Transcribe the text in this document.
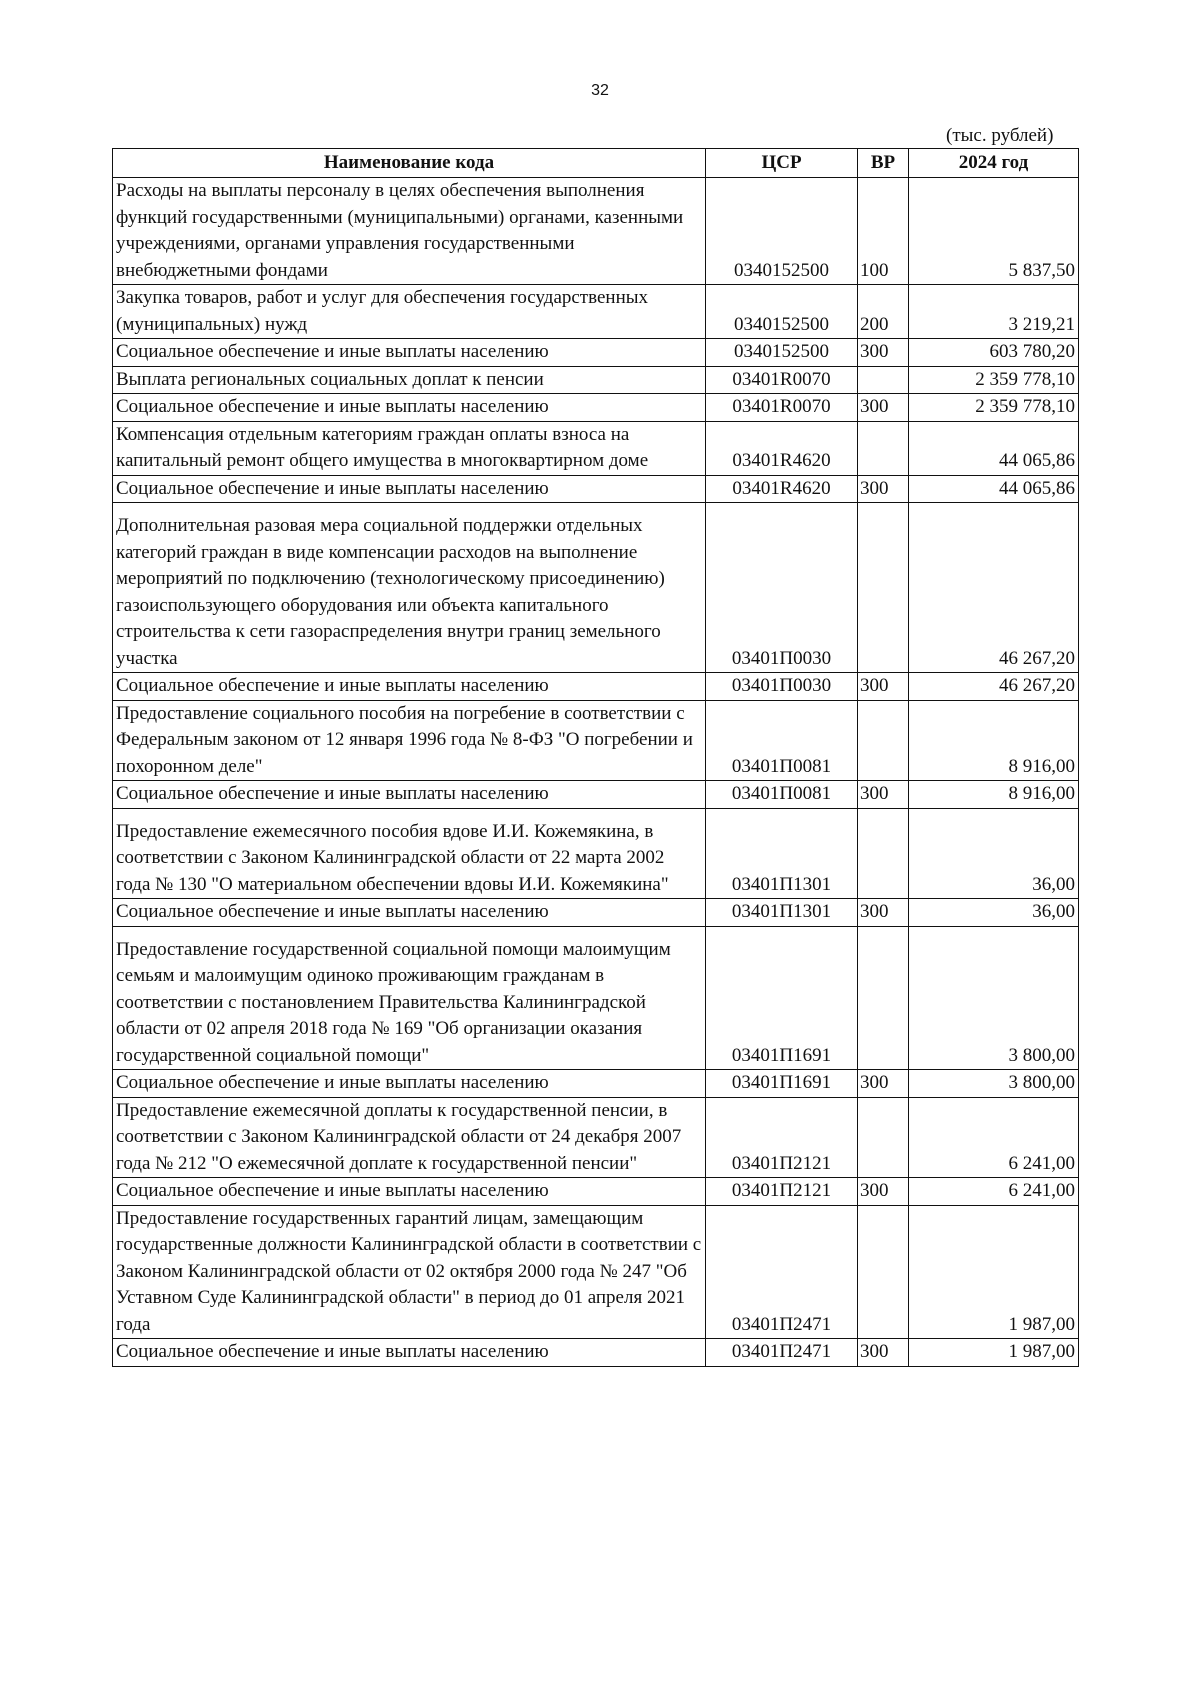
32
(тыс. рублей)
Наименование кода	ЦСР	ВР	2024 год
Расходы на выплаты персоналу в целях обеспечения выполнения функций государственными (муниципальными) органами, казенными учреждениями, органами управления государственными внебюджетными фондами	0340152500	100	5 837,50
Закупка товаров, работ и услуг для обеспечения государственных (муниципальных) нужд	0340152500	200	3 219,21
Социальное обеспечение и иные выплаты населению	0340152500	300	603 780,20
Выплата региональных социальных доплат к пенсии	03401R0070		2 359 778,10
Социальное обеспечение и иные выплаты населению	03401R0070	300	2 359 778,10
Компенсация отдельным категориям граждан оплаты взноса на капитальный ремонт общего имущества в многоквартирном доме	03401R4620		44 065,86
Социальное обеспечение и иные выплаты населению	03401R4620	300	44 065,86
Дополнительная разовая мера социальной поддержки отдельных категорий граждан в виде компенсации расходов на выполнение мероприятий по подключению (технологическому присоединению) газоиспользующего оборудования или объекта капитального строительства к сети газораспределения внутри границ земельного участка	03401П0030		46 267,20
Социальное обеспечение и иные выплаты населению	03401П0030	300	46 267,20
Предоставление социального пособия на погребение в соответствии с Федеральным законом от 12 января 1996 года № 8-ФЗ "О погребении и похоронном деле"	03401П0081		8 916,00
Социальное обеспечение и иные выплаты населению	03401П0081	300	8 916,00
Предоставление ежемесячного пособия вдове И.И. Кожемякина, в соответствии с Законом Калининградской области от 22 марта 2002 года № 130 "О материальном обеспечении вдовы И.И. Кожемякина"	03401П1301		36,00
Социальное обеспечение и иные выплаты населению	03401П1301	300	36,00
Предоставление государственной социальной помощи малоимущим семьям и малоимущим одиноко проживающим гражданам в соответствии с постановлением Правительства Калининградской области от 02 апреля 2018 года № 169 "Об организации оказания государственной социальной помощи"	03401П1691		3 800,00
Социальное обеспечение и иные выплаты населению	03401П1691	300	3 800,00
Предоставление ежемесячной доплаты к государственной пенсии, в соответствии с Законом Калининградской области от 24 декабря 2007 года № 212 "О ежемесячной доплате к государственной пенсии"	03401П2121		6 241,00
Социальное обеспечение и иные выплаты населению	03401П2121	300	6 241,00
Предоставление государственных гарантий лицам, замещающим государственные должности Калининградской области в соответствии с Законом Калининградской области от 02 октября 2000 года № 247 "Об Уставном Суде Калининградской области" в период до 01 апреля 2021 года	03401П2471		1 987,00
Социальное обеспечение и иные выплаты населению	03401П2471	300	1 987,00
